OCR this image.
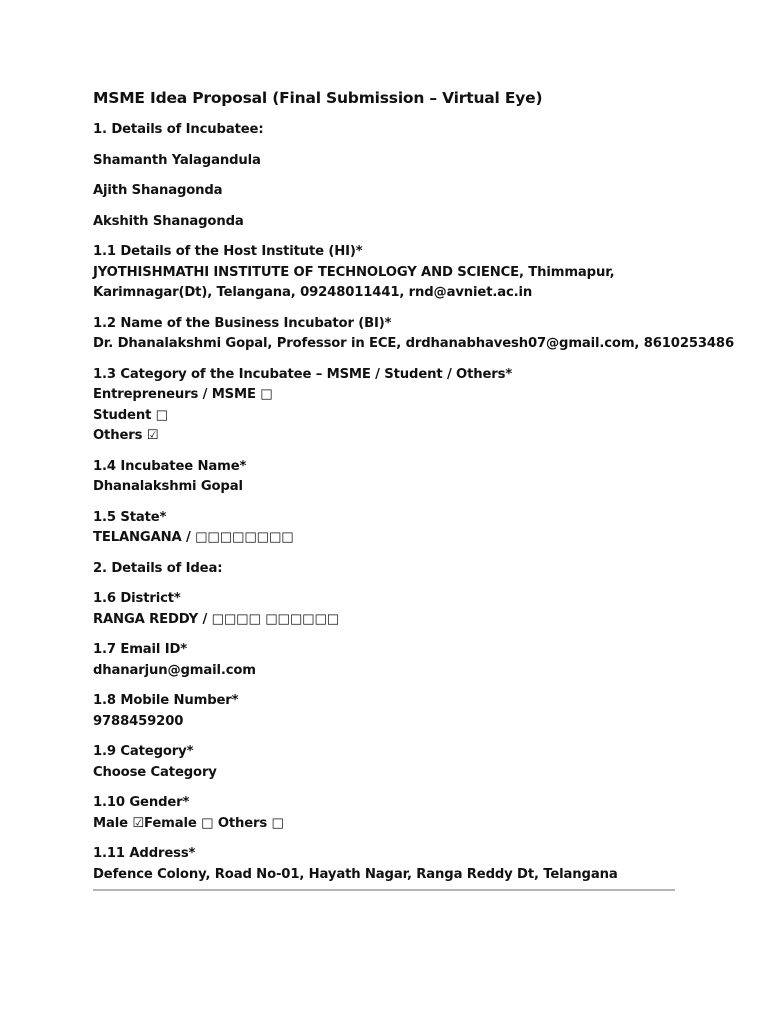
MSME Idea Proposal (Final Submission – Virtual Eye)
1. Details of Incubatee:
Shamanth Yalagandula
Ajith Shanagonda
Akshith Shanagonda
1.1 Details of the Host Institute (HI)*
JYOTHISHMATHI INSTITUTE OF TECHNOLOGY AND SCIENCE, Thimmapur, Karimnagar(Dt), Telangana, 09248011441, rnd@avniet.ac.in
1.2 Name of the Business Incubator (BI)*
Dr. Dhanalakshmi Gopal, Professor in ECE, drdhanabhavesh07@gmail.com, 8610253486
1.3 Category of the Incubatee – MSME / Student / Others*
Entrepreneurs / MSME □
Student □
Others ☑
1.4 Incubatee Name*
Dhanalakshmi Gopal
1.5 State*
TELANGANA / □□□□□□□□
2. Details of Idea:
1.6 District*
RANGA REDDY / □□□□ □□□□□□
1.7 Email ID*
dhanarjun@gmail.com
1.8 Mobile Number*
9788459200
1.9 Category*
Choose Category
1.10 Gender*
Male ☑Female □ Others □
1.11 Address*
Defence Colony, Road No-01, Hayath Nagar, Ranga Reddy Dt, Telangana
